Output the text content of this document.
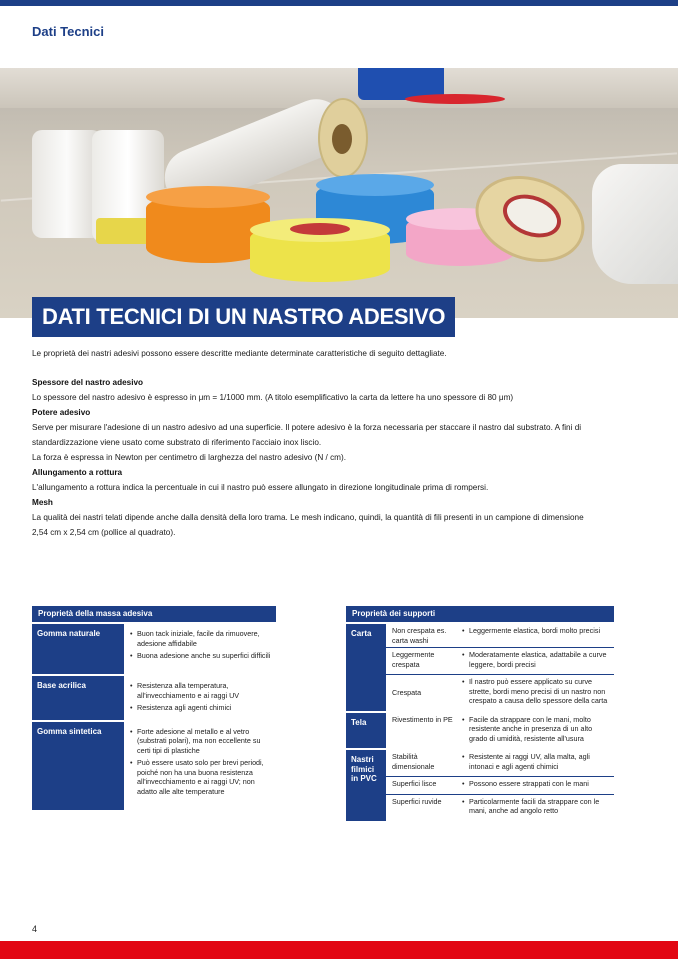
Dati Tecnici
DATI TECNICI DI UN NASTRO ADESIVO

Le proprietà dei nastri adesivi possono essere descritte mediante determinate caratteristiche di seguito dettagliate.

Spessore del nastro adesivo

Lo spessore del nastro adesivo è espresso in μm = 1/1000 mm. (A titolo esemplificativo la carta da lettere ha uno spessore di 80 μm)

Potere adesivo

Serve per misurare l'adesione di un nastro adesivo ad una superficie. Il potere adesivo è la forza necessaria per staccare il nastro dal substrato. A fini di standardizzazione viene usato come substrato di riferimento l'acciaio inox liscio.

La forza è espressa in Newton per centimetro di larghezza del nastro adesivo (N / cm).

Allungamento a rottura

L'allungamento a rottura indica la percentuale in cui il nastro può essere allungato in direzione longitudinale prima di rompersi.

Mesh

La qualità dei nastri telati dipende anche dalla densità della loro trama. Le mesh indicano, quindi, la quantità di fili presenti in un campione di dimensione 2,54 cm x 2,54 cm (pollice al quadrato).

Proprietà della massa adesiva	

Gomma naturale	• Buon tack iniziale, facile da rimuovere, adesione affidabile
• Buona adesione anche su superfici difficili

Base acrilica	• Resistenza alla temperatura, all'invecchiamento e ai raggi UV
• Resistenza agli agenti chimici

Gomma sintetica	• Forte adesione al metallo e al vetro (substrati polari), ma non eccellente su certi tipi di plastiche
• Può essere usato solo per brevi periodi, poiché non ha una buona resistenza all'invecchiamento e ai raggi UV; non adatto alle alte temperature
Proprietà dei supporti		

Carta	Non crespata es. carta washi	• Leggermente elastica, bordi molto precisi

	Leggermente crespata	• Moderatamente elastica, adattabile a curve leggere, bordi precisi

	Crespata	• Il nastro può essere applicato su curve strette, bordi meno precisi di un nastro non crespato a causa dello spessore della carta

Tela	Rivestimento in PE	• Facile da strappare con le mani, molto resistente anche in presenza di un alto grado di umidità, resistente all'usura

Nastri filmici in PVC	Stabilità dimensionale	• Resistente ai raggi UV, alla malta, agli intonaci e agli agenti chimici

	Superfici lisce	• Possono essere strappati con le mani

	Superfici ruvide	• Particolarmente facili da strappare con le mani, anche ad angolo retto
4
